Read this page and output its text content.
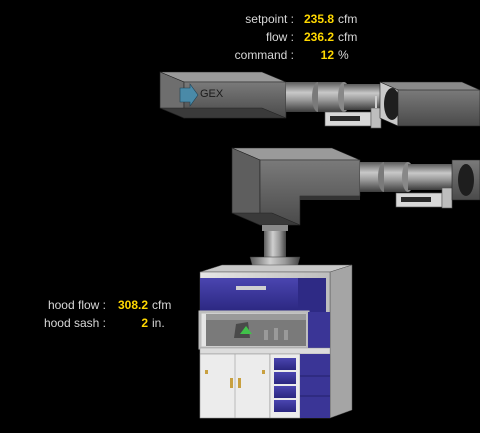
GEX
setpoint : 235.8 cfm
flow : 236.2 cfm
command :	12 %
hood flow : 308.2 cfm
hood sash :	2 in.
